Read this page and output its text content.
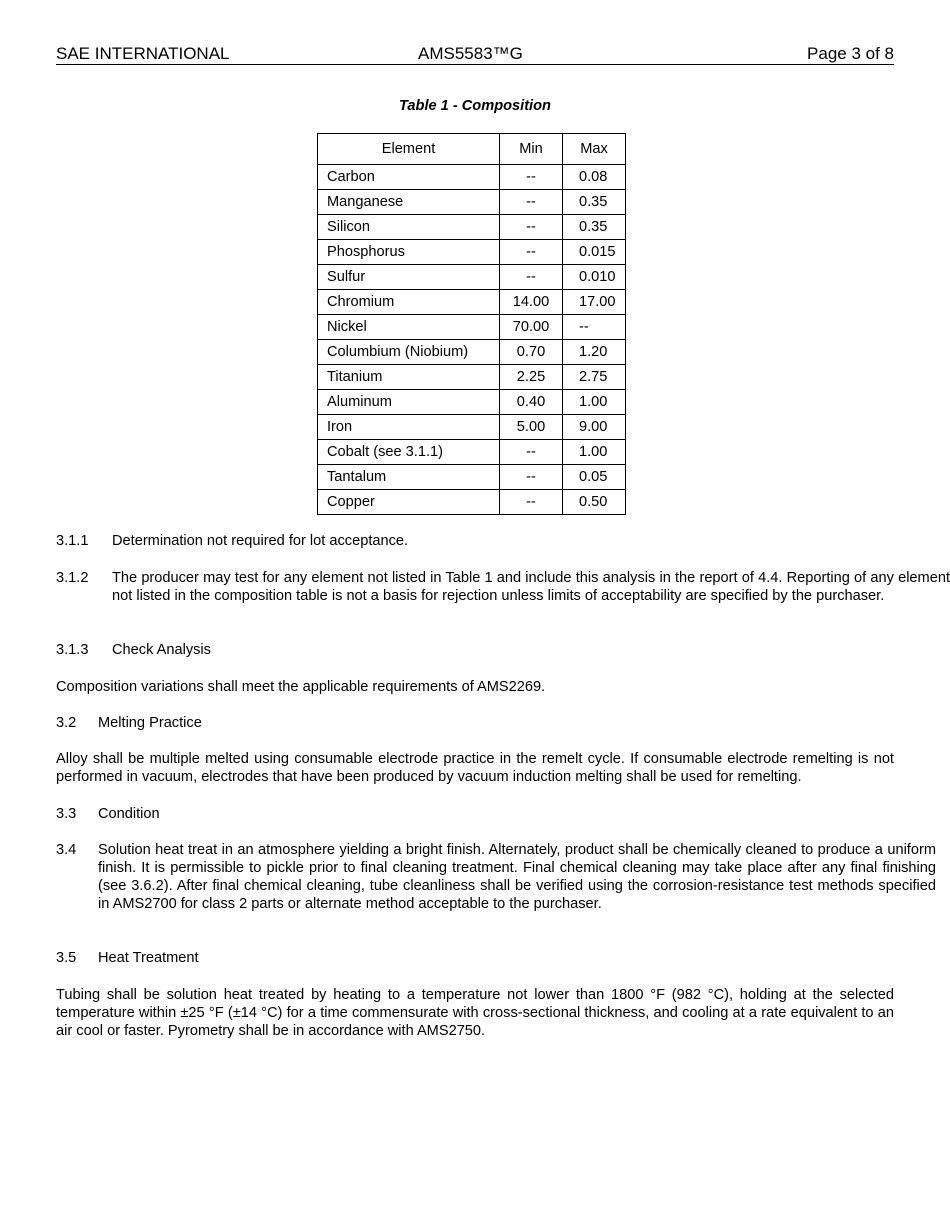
SAE INTERNATIONAL	AMS5583™G	Page 3 of 8
Table 1 - Composition
Element	Min	Max
Carbon	--	0.08
Manganese	--	0.35
Silicon	--	0.35
Phosphorus	--	0.015
Sulfur	--	0.010
Chromium	14.00	17.00
Nickel	70.00	--
Columbium (Niobium)	0.70	1.20
Titanium	2.25	2.75
Aluminum	0.40	1.00
Iron	5.00	9.00
Cobalt (see 3.1.1)	--	1.00
Tantalum	--	0.05
Copper	--	0.50
3.1.1 Determination not required for lot acceptance.
3.1.2 The producer may test for any element not listed in Table 1 and include this analysis in the report of 4.4. Reporting of any element not listed in the composition table is not a basis for rejection unless limits of acceptability are specified by the purchaser.
3.1.3 Check Analysis
Composition variations shall meet the applicable requirements of AMS2269.
3.2 Melting Practice
Alloy shall be multiple melted using consumable electrode practice in the remelt cycle. If consumable electrode remelting is not performed in vacuum, electrodes that have been produced by vacuum induction melting shall be used for remelting.
3.3 Condition
3.4 Solution heat treat in an atmosphere yielding a bright finish. Alternately, product shall be chemically cleaned to produce a uniform finish. It is permissible to pickle prior to final cleaning treatment. Final chemical cleaning may take place after any final finishing (see 3.6.2). After final chemical cleaning, tube cleanliness shall be verified using the corrosion-resistance test methods specified in AMS2700 for class 2 parts or alternate method acceptable to the purchaser.
3.5 Heat Treatment
Tubing shall be solution heat treated by heating to a temperature not lower than 1800 °F (982 °C), holding at the selected temperature within ±25 °F (±14 °C) for a time commensurate with cross-sectional thickness, and cooling at a rate equivalent to an air cool or faster. Pyrometry shall be in accordance with AMS2750.
